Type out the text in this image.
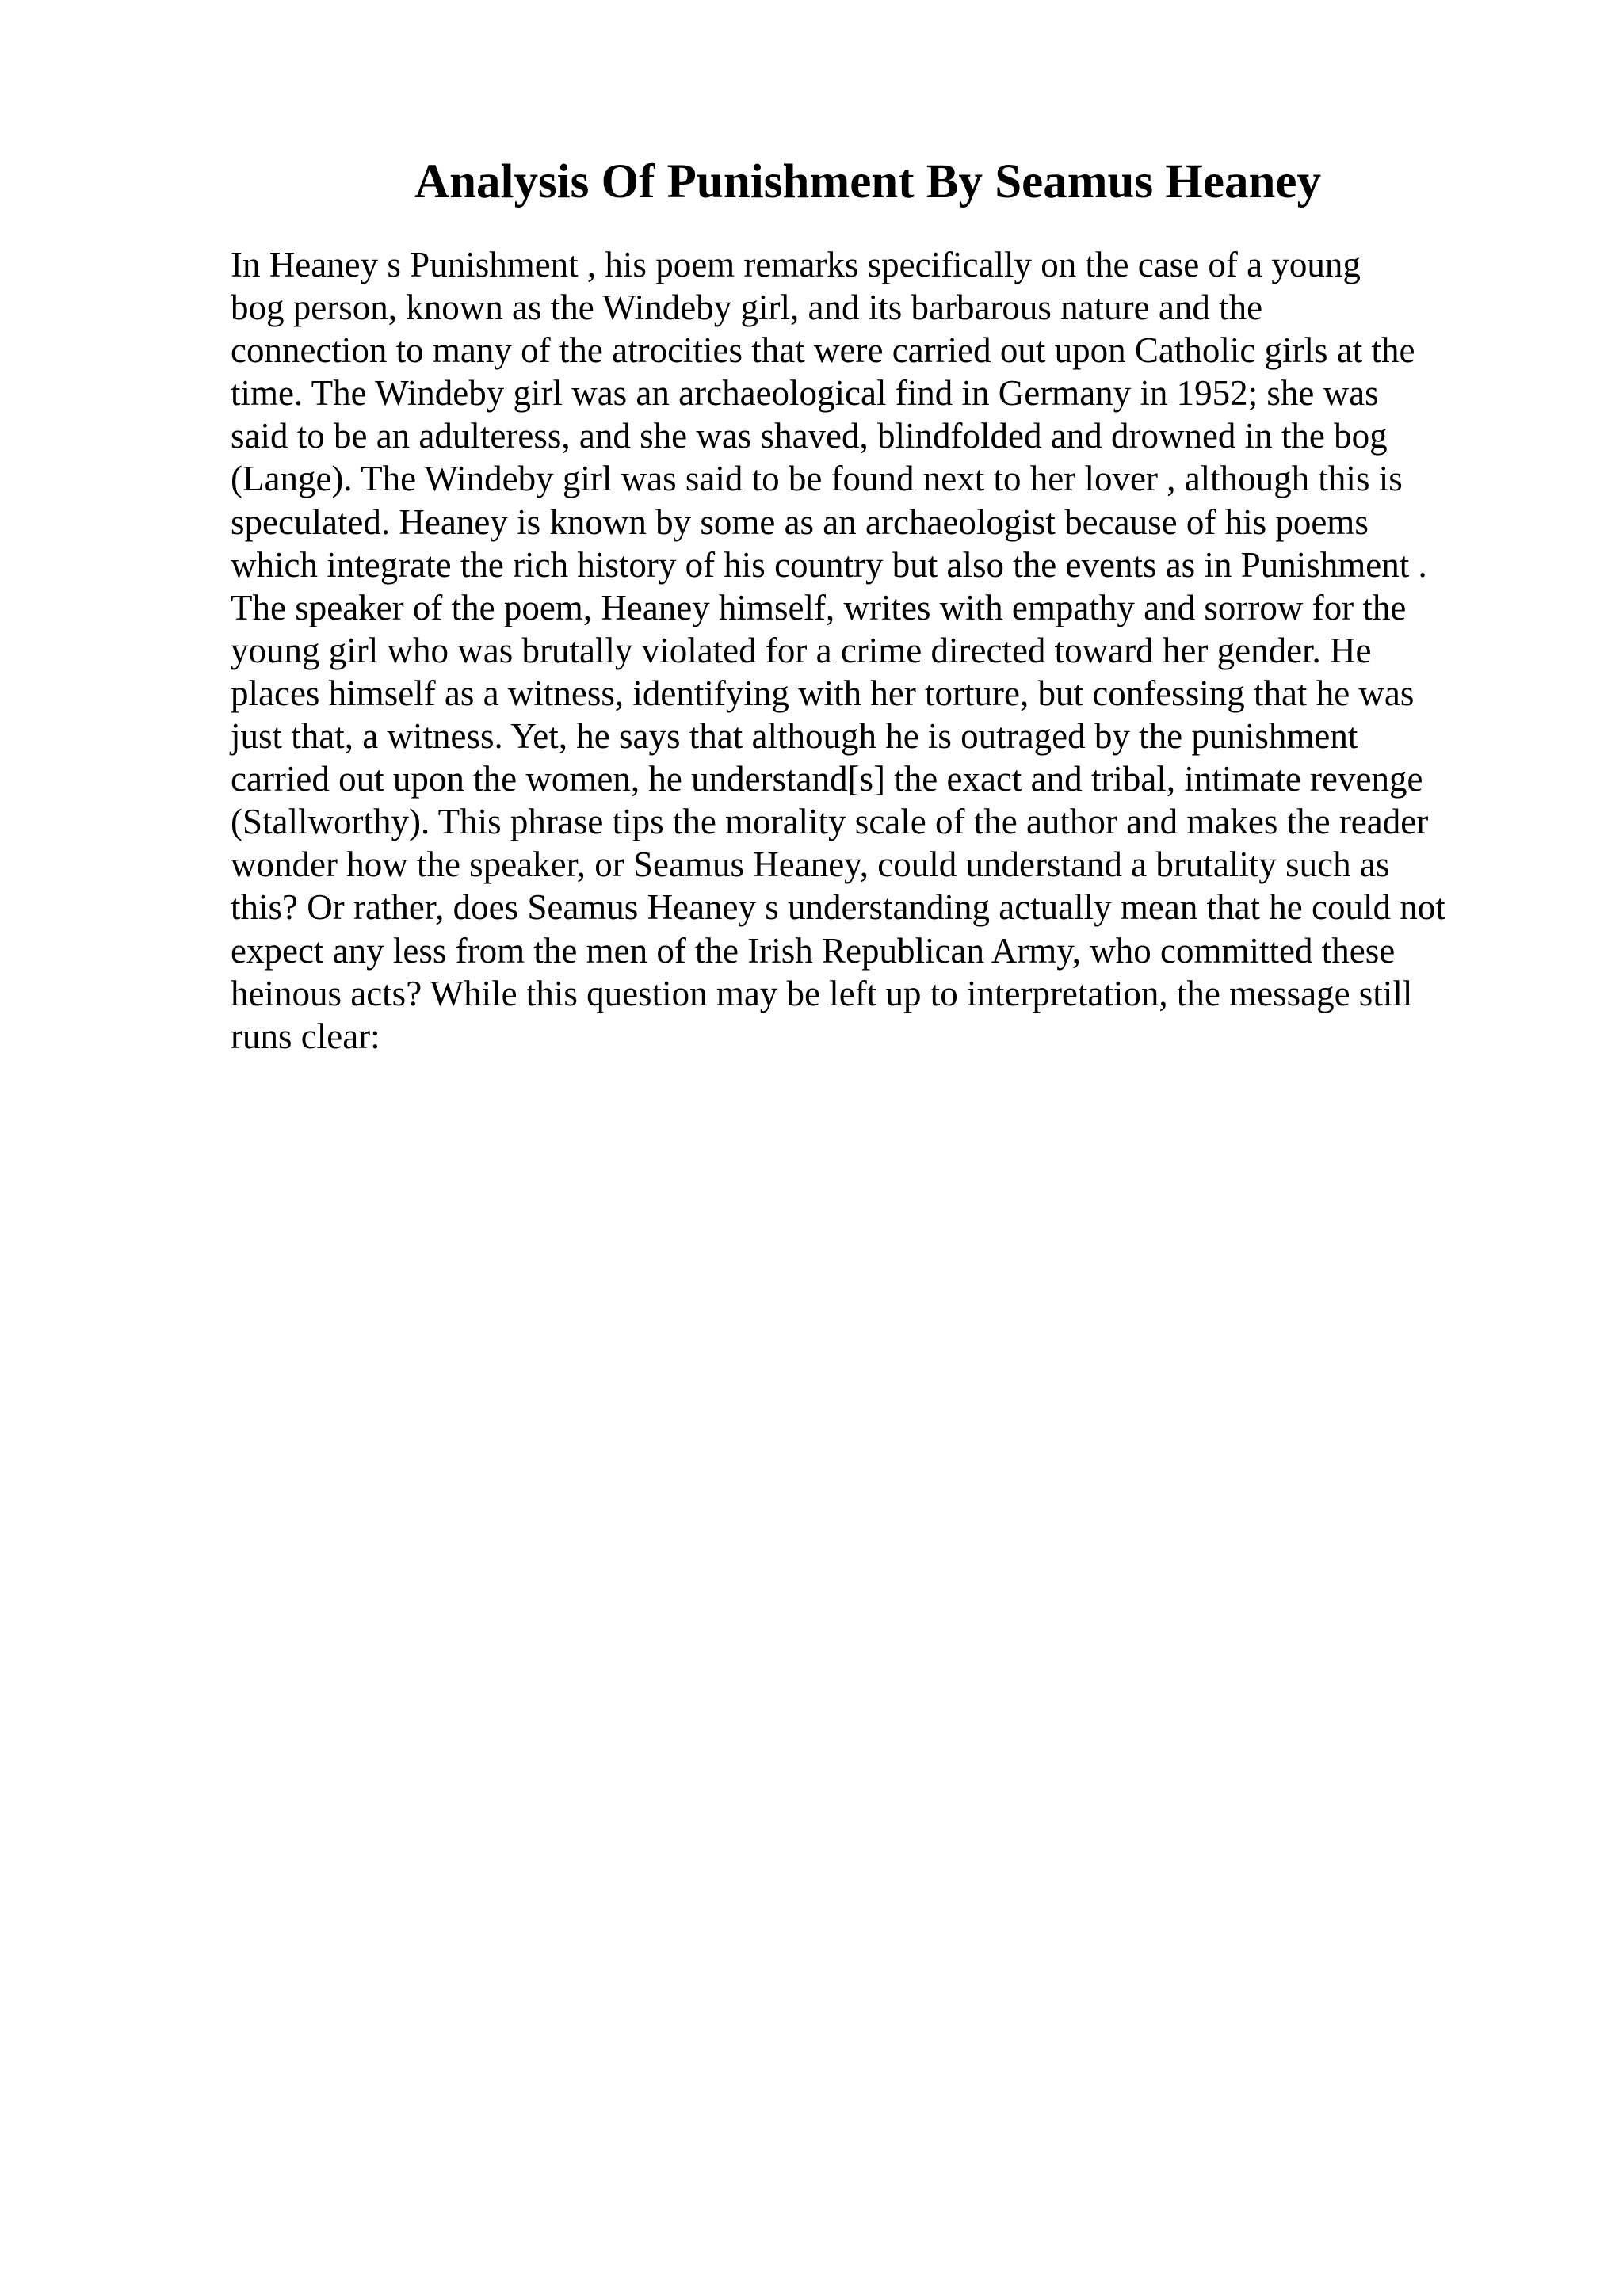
Analysis Of Punishment By Seamus Heaney
In Heaney s Punishment , his poem remarks specifically on the case of a young
bog person, known as the Windeby girl, and its barbarous nature and the
connection to many of the atrocities that were carried out upon Catholic girls at the
time. The Windeby girl was an archaeological find in Germany in 1952; she was
said to be an adulteress, and she was shaved, blindfolded and drowned in the bog
(Lange). The Windeby girl was said to be found next to her lover , although this is
speculated. Heaney is known by some as an archaeologist because of his poems
which integrate the rich history of his country but also the events as in Punishment .
The speaker of the poem, Heaney himself, writes with empathy and sorrow for the
young girl who was brutally violated for a crime directed toward her gender. He
places himself as a witness, identifying with her torture, but confessing that he was
just that, a witness. Yet, he says that although he is outraged by the punishment
carried out upon the women, he understand[s] the exact and tribal, intimate revenge
(Stallworthy). This phrase tips the morality scale of the author and makes the reader
wonder how the speaker, or Seamus Heaney, could understand a brutality such as
this? Or rather, does Seamus Heaney s understanding actually mean that he could not
expect any less from the men of the Irish Republican Army, who committed these
heinous acts? While this question may be left up to interpretation, the message still
runs clear:
